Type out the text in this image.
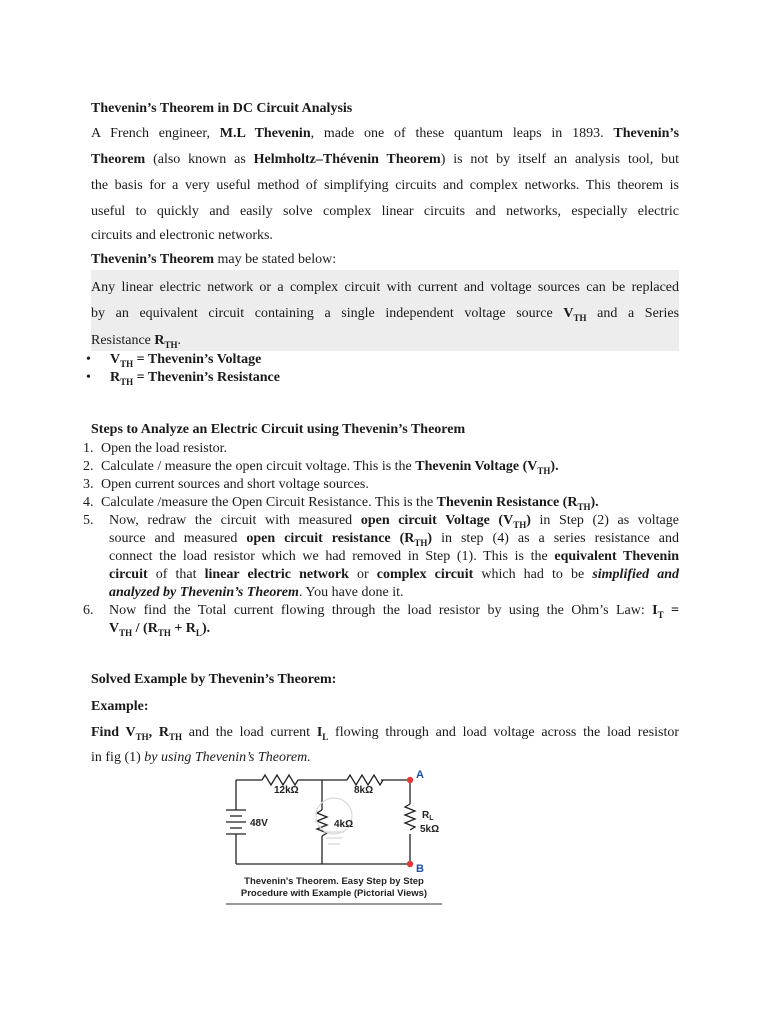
Thevenin’s Theorem in DC Circuit Analysis
A French engineer, M.L Thevenin, made one of these quantum leaps in 1893. Thevenin’s
Theorem (also known as Helmholtz–Thévenin Theorem) is not by itself an analysis tool, but
the basis for a very useful method of simplifying circuits and complex networks. This theorem is
useful to quickly and easily solve complex linear circuits and networks, especially electric
circuits and electronic networks.
Thevenin’s Theorem may be stated below:
Any linear electric network or a complex circuit with current and voltage sources can be replaced
by an equivalent circuit containing a single independent voltage source $V_{TH}$ and a Series
Resistance $R_{TH}$.
• $V_{TH}$ = Thevenin’s Voltage
• $R_{TH}$ = Thevenin’s Resistance
Steps to Analyze an Electric Circuit using Thevenin’s Theorem
1. Open the load resistor.
2. Calculate / measure the open circuit voltage. This is the Thevenin Voltage $(V_{TH})$.
3. Open current sources and short voltage sources.
4. Calculate /measure the Open Circuit Resistance. This is the Thevenin Resistance $(R_{TH})$.
5.	Now, redraw the circuit with measured open circuit Voltage $(V_{TH})$ in Step (2) as voltage
source and measured open circuit resistance $(R_{TH})$ in step (4) as a series resistance and
connect the load resistor which we had removed in Step (1). This is the equivalent Thevenin
circuit of that linear electric network or complex circuit which had to be simplified and
analyzed by Thevenin’s Theorem. You have done it.
6.	Now find the Total current flowing through the load resistor by using the Ohm’s Law: $I_T$ =
$V_{TH} / (R_{TH} + R_L)$.
Solved Example by Thevenin’s Theorem:
Example:
Find $V_{TH}$, $R_{TH}$ and the load current $I_L$ flowing through and load voltage across the load resistor
in fig (1) by using Thevenin’s Theorem.
12kΩ	8kΩ
A
B
48V	4kΩ
$R_L$
5kΩ
Thevenin's Theorem. Easy Step by Step
Procedure with Example (Pictorial Views)
